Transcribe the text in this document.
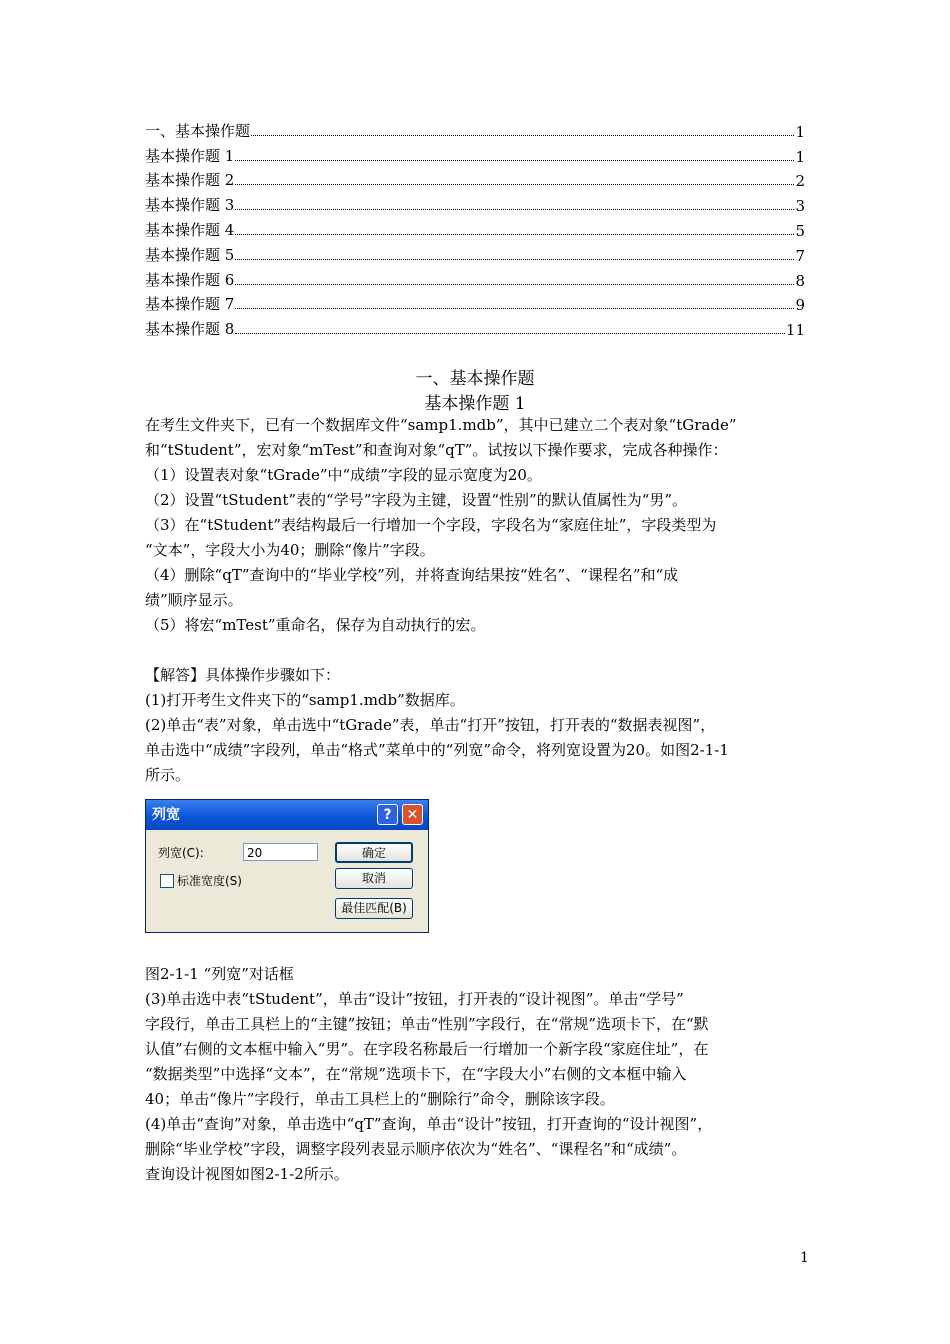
一、基本操作题	1
基本操作题 1	1
基本操作题 2	2
基本操作题 3	3
基本操作题 4	5
基本操作题 5	7
基本操作题 6	8
基本操作题 7	9
基本操作题 8	11
一、基本操作题
基本操作题 1
在考生文件夹下，已有一个数据库文件“samp1.mdb”，其中已建立二个表对象“tGrade”
和“tStudent”，宏对象“mTest”和查询对象“qT”。试按以下操作要求，完成各种操作：
（1）设置表对象“tGrade”中“成绩”字段的显示宽度为20。
（2）设置“tStudent”表的“学号”字段为主键，设置“性别”的默认值属性为“男”。
（3）在“tStudent”表结构最后一行增加一个字段，字段名为“家庭住址”，字段类型为
“文本”，字段大小为40；删除“像片”字段。
（4）删除“qT”查询中的“毕业学校”列，并将查询结果按“姓名”、“课程名”和“成
绩”顺序显示。
（5）将宏“mTest”重命名，保存为自动执行的宏。
【解答】具体操作步骤如下：
(1)打开考生文件夹下的“samp1.mdb”数据库。
(2)单击“表”对象，单击选中“tGrade”表，单击“打开”按钮，打开表的“数据表视图”，
单击选中“成绩”字段列，单击“格式”菜单中的“列宽”命令，将列宽设置为20。如图2-1-1
所示。
列宽	?	✕
列宽(C):	20
标准宽度(S)
确定
取消
最佳匹配(B)
图2-1-1 “列宽”对话框
(3)单击选中表“tStudent”，单击“设计”按钮，打开表的“设计视图”。单击“学号”
字段行，单击工具栏上的“主键”按钮；单击“性别”字段行，在“常规”选项卡下，在“默
认值”右侧的文本框中输入“男”。在字段名称最后一行增加一个新字段“家庭住址”，在
“数据类型”中选择“文本”，在“常规”选项卡下，在“字段大小”右侧的文本框中输入
40；单击“像片”字段行，单击工具栏上的“删除行”命令，删除该字段。
(4)单击“查询”对象，单击选中“qT”查询，单击“设计”按钮，打开查询的“设计视图”，
删除“毕业学校”字段，调整字段列表显示顺序依次为“姓名”、“课程名”和“成绩”。
查询设计视图如图2-1-2所示。
1
